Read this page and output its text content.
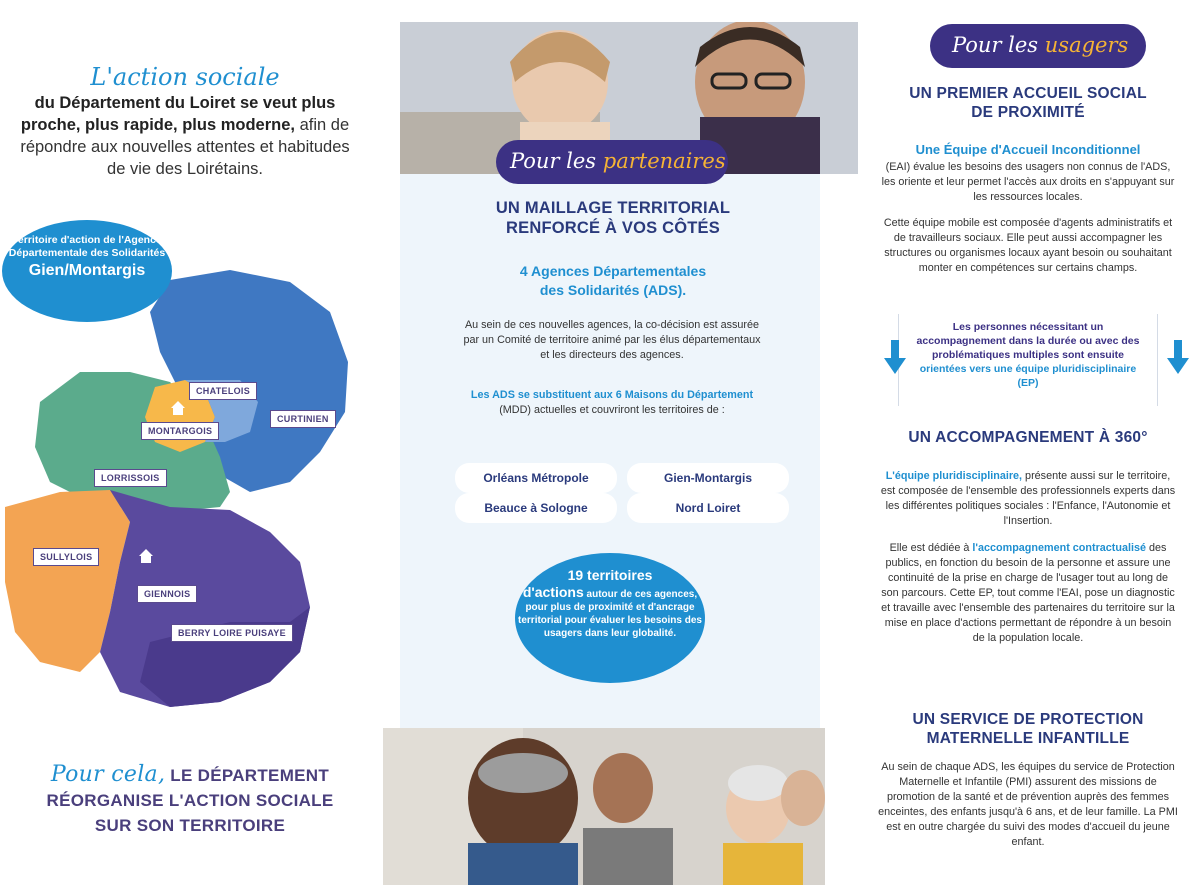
L'action sociale
du Département du Loiret se veut plus proche, plus rapide, plus moderne, afin de répondre aux nouvelles attentes et habitudes de vie des Loirétains.
CHATELOIS
MONTARGOIS
CURTINIEN
LORRISSOIS
SULLYLOIS
GIENNOIS
BERRY LOIRE PUISAYE
Territoire d'action de l'Agence Départementale des Solidarités
Gien/Montargis
Pour cela, LE DÉPARTEMENT
RÉORGANISE L'ACTION SOCIALE
SUR SON TERRITOIRE
Pour les partenaires
UN MAILLAGE TERRITORIAL
RENFORCÉ À VOS CÔTÉS
4 Agences Départementales
des Solidarités (ADS).
Au sein de ces nouvelles agences, la co-décision est assurée par un Comité de territoire animé par les élus départementaux et les directeurs des agences.
Les ADS se substituent aux 6 Maisons du Département (MDD) actuelles et couvriront les territoires de :
Orléans Métropole	Gien-Montargis
Beauce à Sologne	Nord Loiret
19 territoires
d'actions autour de ces agences, pour plus de proximité et d'ancrage territorial pour évaluer les besoins des usagers dans leur globalité.
Pour les usagers
UN PREMIER ACCUEIL SOCIAL
DE PROXIMITÉ
Une Équipe d'Accueil Inconditionnel
(EAI) évalue les besoins des usagers non connus de l'ADS, les oriente et leur permet l'accès aux droits en s'appuyant sur les ressources locales.
Cette équipe mobile est composée d'agents administratifs et de travailleurs sociaux. Elle peut aussi accompagner les structures ou organismes locaux ayant besoin ou souhaitant monter en compétences sur certains champs.
Les personnes nécessitant un accompagnement dans la durée ou avec des problématiques multiples sont ensuite orientées vers une équipe pluridisciplinaire (EP)
UN ACCOMPAGNEMENT À 360°
L'équipe pluridisciplinaire, présente aussi sur le territoire, est composée de l'ensemble des professionnels experts dans les différentes politiques sociales : l'Enfance, l'Autonomie et l'Insertion.
Elle est dédiée à l'accompagnement contractualisé des publics, en fonction du besoin de la personne et assure une continuité de la prise en charge de l'usager tout au long de son parcours. Cette EP, tout comme l'EAI, pose un diagnostic et travaille avec l'ensemble des partenaires du territoire sur la mise en place d'actions permettant de répondre à un besoin de la population locale.
UN SERVICE DE PROTECTION
MATERNELLE INFANTILLE
Au sein de chaque ADS, les équipes du service de Protection Maternelle et Infantile (PMI) assurent des missions de promotion de la santé et de prévention auprès des femmes enceintes, des enfants jusqu'à 6 ans, et de leur famille. La PMI est en outre chargée du suivi des modes d'accueil du jeune enfant.
